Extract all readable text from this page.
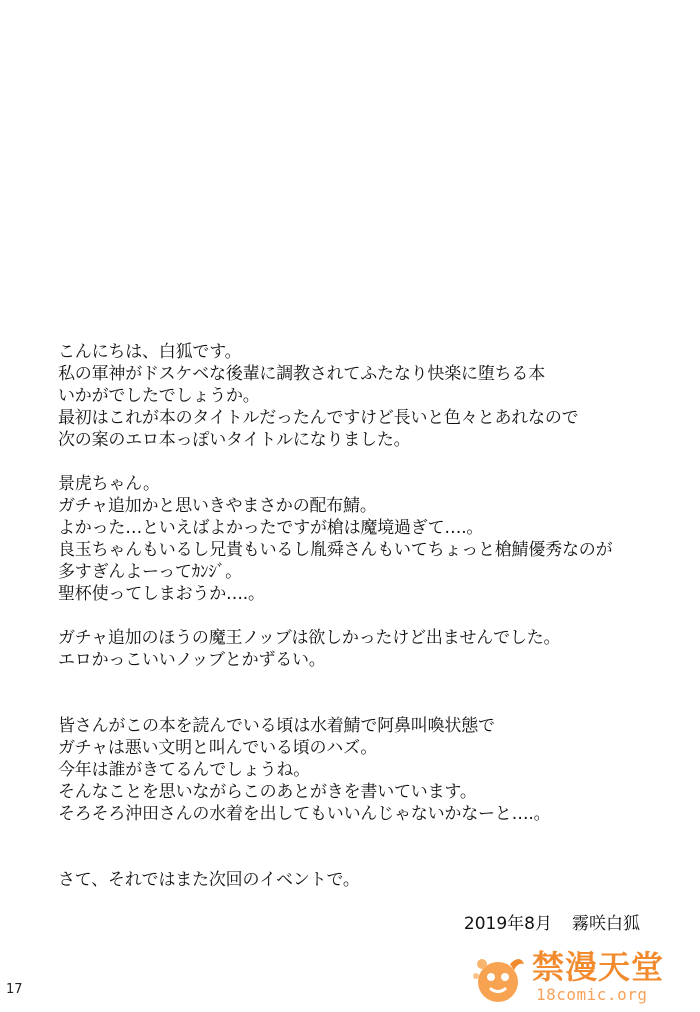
こんにちは、白狐です。
私の軍神がドスケベな後輩に調教されてふたなり快楽に堕ちる本
いかがでしたでしょうか。
最初はこれが本のタイトルだったんですけど長いと色々とあれなので
次の案のエロ本っぽいタイトルになりました。
景虎ちゃん。
ガチャ追加かと思いきやまさかの配布鯖。
よかった…といえばよかったですが槍は魔境過ぎて….。
良玉ちゃんもいるし兄貴もいるし胤舜さんもいてちょっと槍鯖優秀なのが
多すぎんよーってｶﾝｼﾞ。
聖杯使ってしまおうか….。
ガチャ追加のほうの魔王ノッブは欲しかったけど出ませんでした。
エロかっこいいノッブとかずるい。
皆さんがこの本を読んでいる頃は水着鯖で阿鼻叫喚状態で
ガチャは悪い文明と叫んでいる頃のハズ。
今年は誰がきてるんでしょうね。
そんなことを思いながらこのあとがきを書いています。
そろそろ沖田さんの水着を出してもいいんじゃないかなーと….。
さて、それではまた次回のイベントで。
2019年8月 霧咲白狐
17
禁漫天堂
18comic.org
